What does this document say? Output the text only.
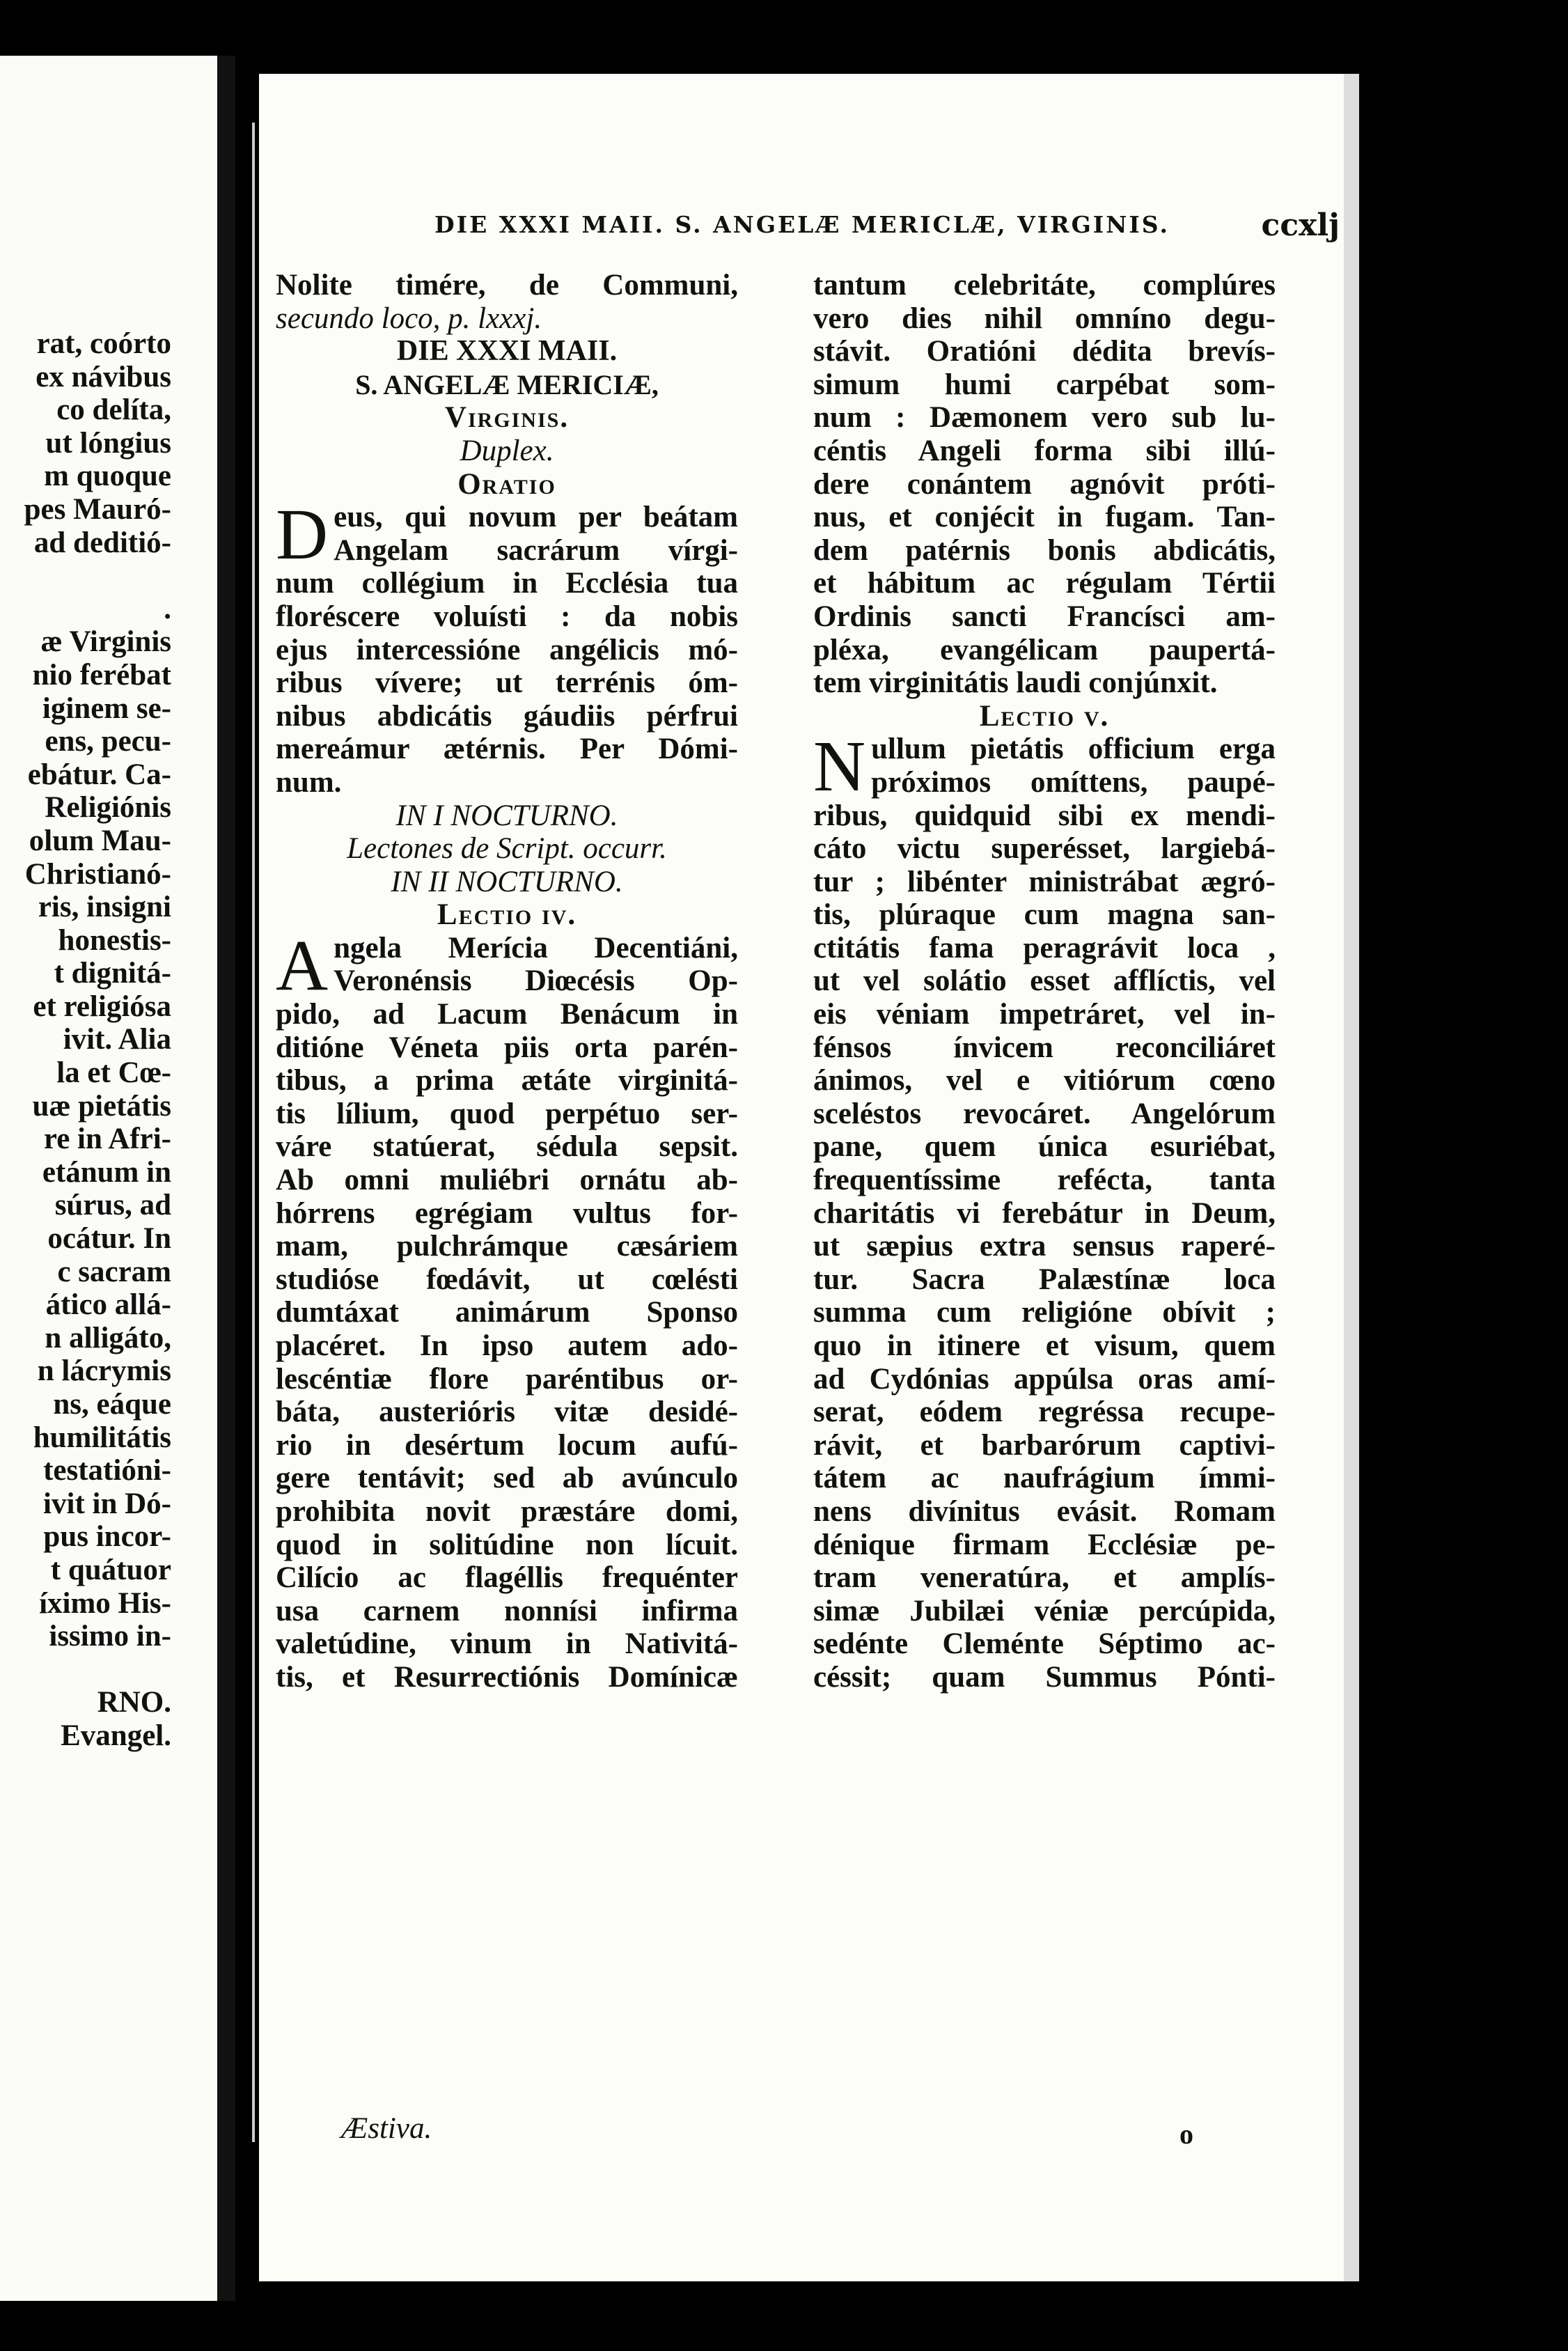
rat, coórto
ex návibus
co delíta,
ut lóngius
m quoque
pes Mauró-
ad deditió-
.
æ Virginis
nio ferébat
iginem se-
ens, pecu-
ebátur. Ca-
Religiónis
olum Mau-
Christianó-
ris, insigni
honestis-
t dignitá-
et religiósa
ivit. Alia
la et Cœ-
uæ pietátis
re in Afri-
etánum in
súrus, ad
ocátur. In
c sacram
ático allá-
n alligáto,
n lácrymis
ns, eáque
humilitátis
testatióni-
ivit in Dó-
pus incor-
t quátuor
íximo His-
issimo in-
RNO.
Evangel.
DIE XXXI MAII. S. ANGELÆ MERICLÆ, VIRGINIS.	ccxlj
Nolite timére, de Communi,
secundo loco, p. lxxxj.
DIE XXXI MAII.
S. ANGELÆ MERICIÆ,
Virginis.
Duplex.
Oratio
D eus, qui novum per beátam
Angelam sacrárum vírgi-
num collégium in Ecclésia tua
floréscere voluísti : da nobis
ejus intercessióne angélicis mó-
ribus vívere; ut terrénis óm-
nibus abdicátis gáudiis pérfrui
mereámur ætérnis. Per Dómi-
num.
IN I NOCTURNO.
Lectones de Script. occurr.
IN II NOCTURNO.
Lectio iv.
A ngela Merícia Decentiáni,
Veronénsis Diœcésis Op-
pido, ad Lacum Benácum in
ditióne Véneta piis orta parén-
tibus, a prima ætáte virginitá-
tis lílium, quod perpétuo ser-
váre statúerat, sédula sepsit.
Ab omni muliébri ornátu ab-
hórrens egrégiam vultus for-
mam, pulchrámque cæsáriem
studióse fœdávit, ut cœlésti
dumtáxat animárum Sponso
placéret. In ipso autem ado-
lescéntiæ flore paréntibus or-
báta, austerióris vitæ desidé-
rio in desértum locum aufú-
gere tentávit; sed ab avúnculo
prohibita novit præstáre domi,
quod in solitúdine non lícuit.
Cilício ac flagéllis frequénter
usa carnem nonnísi infirma
valetúdine, vinum in Nativitá-
tis, et Resurrectiónis Domínicæ
tantum celebritáte, complúres
vero dies nihil omníno degu-
stávit. Oratióni dédita brevís-
simum humi carpébat som-
num : Dæmonem vero sub lu-
céntis Angeli forma sibi illú-
dere conántem agnóvit próti-
nus, et conjécit in fugam. Tan-
dem patérnis bonis abdicátis,
et hábitum ac régulam Tértii
Ordinis sancti Francísci am-
pléxa, evangélicam paupertá-
tem virginitátis laudi conjúnxit.
Lectio v.
N ullum pietátis officium erga
próximos omíttens, paupé-
ribus, quidquid sibi ex mendi-
cáto victu superésset, largiebá-
tur ; libénter ministrábat ægró-
tis, plúraque cum magna san-
ctitátis fama peragrávit loca ,
ut vel solátio esset afflíctis, vel
eis véniam impetráret, vel in-
fénsos ínvicem reconciliáret
ánimos, vel e vitiórum cœno
sceléstos revocáret. Angelórum
pane, quem única esuriébat,
frequentíssime refécta, tanta
charitátis vi ferebátur in Deum,
ut sæpius extra sensus raperé-
tur. Sacra Palæstínæ loca
summa cum religióne obívit ;
quo in itinere et visum, quem
ad Cydónias appúlsa oras amí-
serat, eódem regréssa recupe-
rávit, et barbarórum captivi-
tátem ac naufrágium ímmi-
nens divínitus evásit. Romam
dénique firmam Ecclésiæ pe-
tram veneratúra, et amplís-
simæ Jubilæi véniæ percúpida,
sedénte Cleménte Séptimo ac-
céssit; quam Summus Pónti-
Æstiva.	o
